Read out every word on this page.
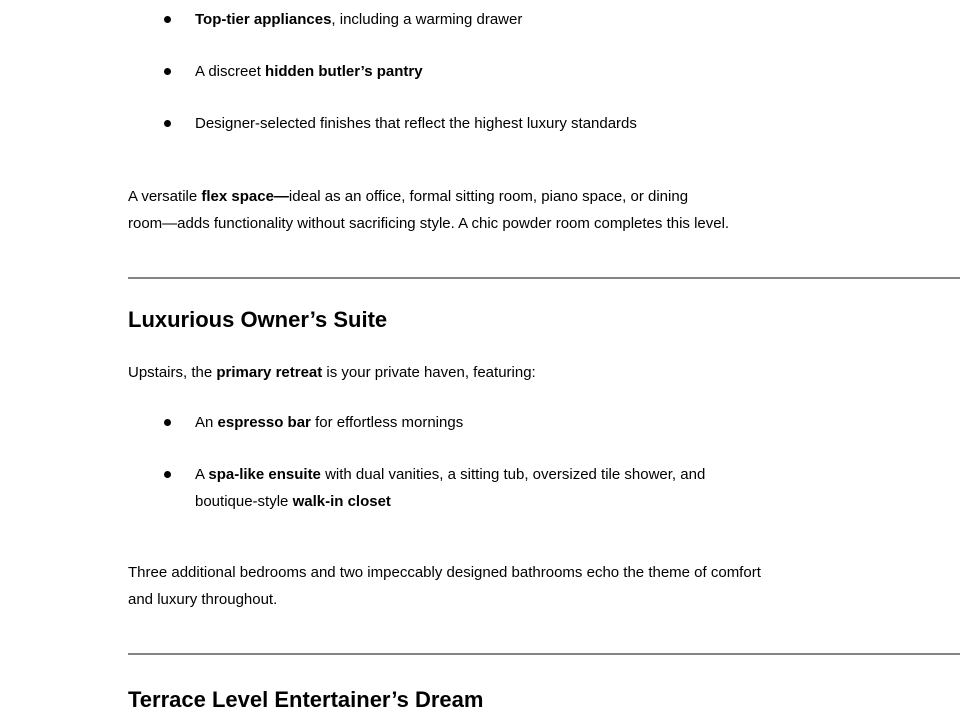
Top-tier appliances, including a warming drawer
A discreet hidden butler’s pantry
Designer-selected finishes that reflect the highest luxury standards

A versatile flex space—ideal as an office, formal sitting room, piano space, or dining
room—adds functionality without sacrificing style. A chic powder room completes this level.

Luxurious Owner’s Suite

Upstairs, the primary retreat is your private haven, featuring:

An espresso bar for effortless mornings
A spa-like ensuite with dual vanities, a sitting tub, oversized tile shower, and
boutique-style walk-in closet

Three additional bedrooms and two impeccably designed bathrooms echo the theme of comfort
and luxury throughout.

Terrace Level Entertainer’s Dream
